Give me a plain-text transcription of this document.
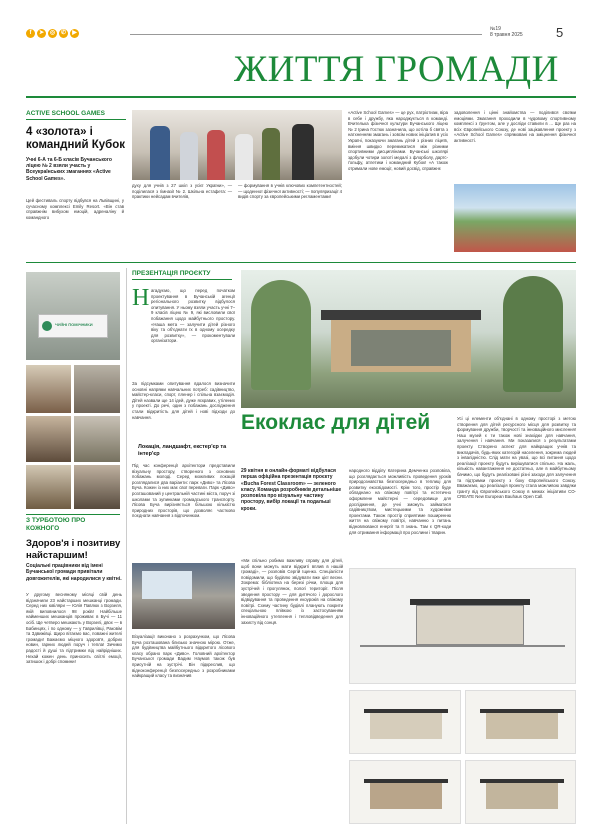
f	➤ ◎ ✆	▶
№19
8 травня 2025	5
ЖИТТЯ ГРОМАДИ
ACTIVE SCHOOL GAMES
4 «золота» і командний Кубок
Учні 6-А та 6-Б класів Бучанського ліцею № 2 взяли участь у Всеукраїнських змаганнях «Active School Games».
Цей фестиваль спорту відбувся на Львівщині, у сучасному комплексі Emily Resort. «Він став справжнім вибухом емоцій, адреналіну й командного
духу для учнів з 27 шкіл з усієї України», — поділилася з гімназії № 2. Шкільна естафета: — практики нейсадам вчителів,
— формування в учнів ключових компетентностей; — щоденної фізичної активності; — популяризації 4 видів спорту за європейськими регламентами!
«Active School Games» — це рух, патріотизм, віра в себе і дружбу, яка народжується в команді. Вчителька фізичної культури Бучанського ліцею № 2 Ірина Гостюк зазначила, що хотіла б свята з натхненням змагань і зовсім нових ініціатив в усіх Україні, показуючи змагань дітей з різних ліцеїв, вміння швидко перемикатися між різними спортивними дисциплінами. Бучанські школярі здобули чотири золоті медалі з флорболу, дартс-ґольфу, атлетики і командний Кубок! «А також отримали нове емоції, новий досвід, справжнє
задоволення і цінні знайомства — поділився своїми емоціями. Змагання проходили в чудовому спортивному комплексі з ґрунтом, але у досліди ставили в ... Ще раз на всіх Європейського Союзу, де нові зацікавлення проекту з «Active School Games» спрямовані на зміцнення фізичної активності.
ЧУЙНІ ПОМІЧНИКИ
З ТУРБОТОЮ ПРО КОЖНОГО
Здоров'я і позитиву найстаршим!
Соціальні працівники від імені Бучанської громади привітали довгожителів, які народилися у квітні.
У другому весняному місяці свій день відзначили 23 найстарших мешканці громади. Серед них ювіляри — Юлія Павлюк з Ворзеля, якій виповнилося 98 років! Найбільше найменших мешканців проживає в Бучі — 11 осіб. Ще четверо мешкають у Ворзелі, двоє — в Бабинцях, і по одному — у Гаврилівці, Раковім та Здвижівці. Щиро вітаємо вас, поважні жителі громади! Бажаємо міцного здоров'я, добрих новин, гарних людей поруч і тепла! Зичимо радості й душі та підтримки від найрідніших. Нехай кожен день приносить світлі емоції, затишок і добрі спомини!
ПРЕЗЕНТАЦІЯ ПРОЄКТУ
Н агадуємо, що перед початком проектування в Бучанській агенції регіонального розвитку відбулося опитування. У ньому взяли участь учні 7–9 класів ліцею № 9, які висловили свої побажання щодо майбутнього простору. «Наша мета — залучити дітей різного віку та об'єднати їх в одному осередку для розвитку», — прокоментували організатори.
За підсумками опитування вдалося визначити основні напрями навчальних потреб: садівництво, майстер-класи, спорт, пленер і спільна взаємодія. Дітей назвали ще 14 ідей, дуже яскравих, утілених у проекті. До речі, один з побажань дослідження стали відкритість для дітей і нові підходи до навчання.
Локація, ландшафт, екстер'єр та інтер'єр
Під час конференції архітектори представили візуальну простору, створеного з основних побажань молоді. Серед можливих локацій розглядалися два варіанти: парк «Диво» та Лісова Буча. Кожен із них має свої переваги. Парк «Диво» розташований у центральній частині міста, поруч зі школами та зупинками громадського транспорту. Лісова Буча вирізняється більшою кількістю природних просторів, що дозволяє частково поєднати навчання з відпочинком.
Візуалізації виконано з розрахунком, що Лісова Буча розташована близько значною мірою. Отже, для будівництва майбутнього відкритого лісового класу обрано парк «Диво». Головний архітектор Бучанської громади Вадим Наумов також був присутній на зустрічі. Він підкреслив, що відеоконференції безпосередньо з розробниками найкращий класу та визначив
Екоклас для дітей
29 квітня в онлайн-форматі відбулася перша офіційна презентація проєкту «Bucha Forest Classroom» — зеленого класу. Команда розробників детальніше розповіла про візуальну частину простору, вибір локації та подальші кроки.
«Ми спільно робимо важливу справу для дітей, щоб вони можуть мати відкриті вплив в нашій громаді», — розповів Сергій Іщенко. Спеціалісти повідомили, що будівлю звідувати вже цієї весни. Зокрема: бібліотека на березі річки, площа для зустрічей і прогулянок, пологі території. Після зведення простору — для дитячого і дорослого відвідування та проведення екоуроків на свіжому повітрі. Схему частину будівлі планують покрити спеціальною плівкою із застосуванням інноваційного утеплення і тепловідведення для захисту від сонця.
народного відділу Катерина Демченко розповіла, що розглядається можливість проведення уроків природознавства безпосередньо в теплиці для розвитку екосвідомості. Крім того, простір буде обладнано на свіжому повітрі та естетично оформлене майстерні — середовище для дослідження, де учні зможуть займатися садівництвом, мистецькими та художніми проектами. Також простір сприятиме поширенню життя на свіжому повітрі, навчанню з питань відновлюваної енергії та її знань. Там є QR-коди для отримання інформації про рослини і тварин.
Усі ці елементи об'єднані в одному просторі з метою створення для дітей ресурсного місця для розвитку та формування дружби, творчості та інноваційного мислення! Наш музей є ти також нові знахідки для навчання, залучення і навчання. Ми показалися з результатами проекту. Створено аспект для найкращих учнів та викладачів, будь-яких категорій населення, зокрема людей з інвалідністю. Слід мати на увазі, що всі питання щодо реалізації проекту будуть вирішуватися спільно. На жаль, кількість навантаження не достатньо, але в майбутньому бачимо, що будуть реалізовані різні заходи для залучення та підтримки проекту з боку Європейського Союзу. Вважаємо, що реалізація проекту стала можливою завдяки гранту від Європейського Союзу в межах ініціативи CO-CREATE New European Bauhaus Open Call.
